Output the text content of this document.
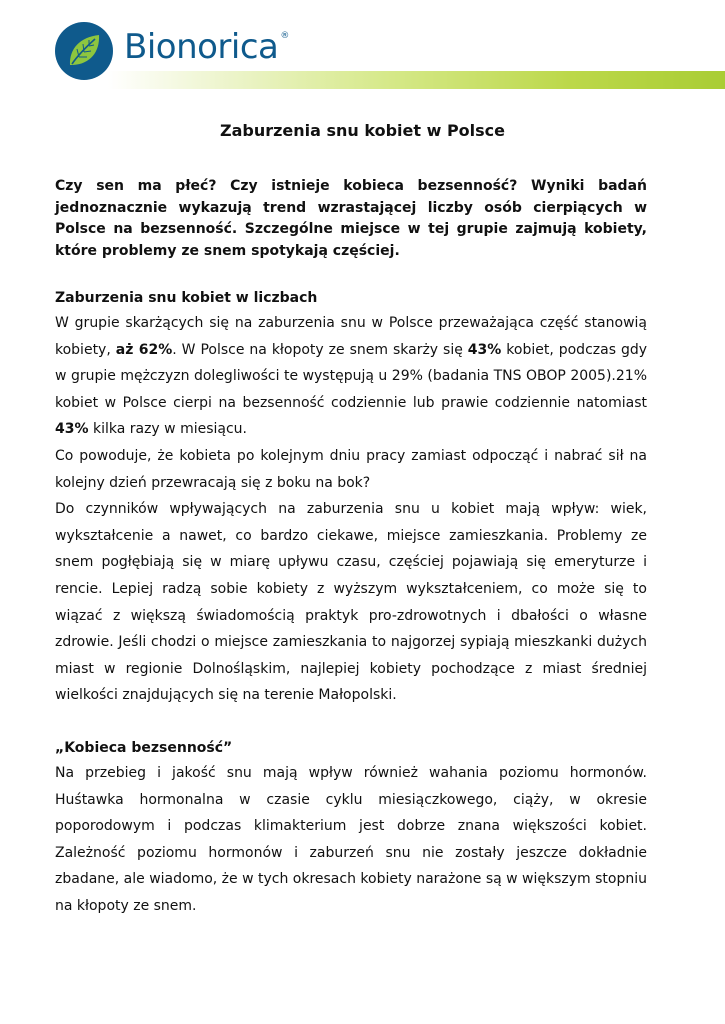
Bionorica ®
Zaburzenia snu kobiet w Polsce
Czy sen ma płeć? Czy istnieje kobieca bezsenność? Wyniki badań jednoznacznie wykazują trend wzrastającej liczby osób cierpiących w Polsce na bezsenność. Szczególne miejsce w tej grupie zajmują kobiety, które problemy ze snem spotykają częściej.
Zaburzenia snu kobiet w liczbach

W grupie skarżących się na zaburzenia snu w Polsce przeważająca część stanowią kobiety, aż 62%. W Polsce na kłopoty ze snem skarży się 43% kobiet, podczas gdy w grupie mężczyzn dolegliwości te występują u 29% (badania TNS OBOP 2005).21% kobiet w Polsce cierpi na bezsenność codziennie lub prawie codziennie natomiast 43% kilka razy w miesiącu.

Co powoduje, że kobieta po kolejnym dniu pracy zamiast odpocząć i nabrać sił na kolejny dzień przewracają się z boku na bok?

Do czynników wpływających na zaburzenia snu u kobiet mają wpływ: wiek, wykształcenie a nawet, co bardzo ciekawe, miejsce zamieszkania. Problemy ze snem pogłębiają się w miarę upływu czasu, częściej pojawiają się emeryturze i rencie. Lepiej radzą sobie kobiety z wyższym wykształceniem, co może się to wiązać z większą świadomością praktyk pro-zdrowotnych i dbałości o własne zdrowie. Jeśli chodzi o miejsce zamieszkania to najgorzej sypiają mieszkanki dużych miast w regionie Dolnośląskim, najlepiej kobiety pochodzące z miast średniej wielkości znajdujących się na terenie Małopolski.

„Kobieca bezsenność”

Na przebieg i jakość snu mają wpływ również wahania poziomu hormonów. Huśtawka hormonalna w czasie cyklu miesiączkowego, ciąży, w okresie poporodowym i podczas klimakterium jest dobrze znana większości kobiet. Zależność poziomu hormonów i zaburzeń snu nie zostały jeszcze dokładnie zbadane, ale wiadomo, że w tych okresach kobiety narażone są w większym stopniu na kłopoty ze snem.
